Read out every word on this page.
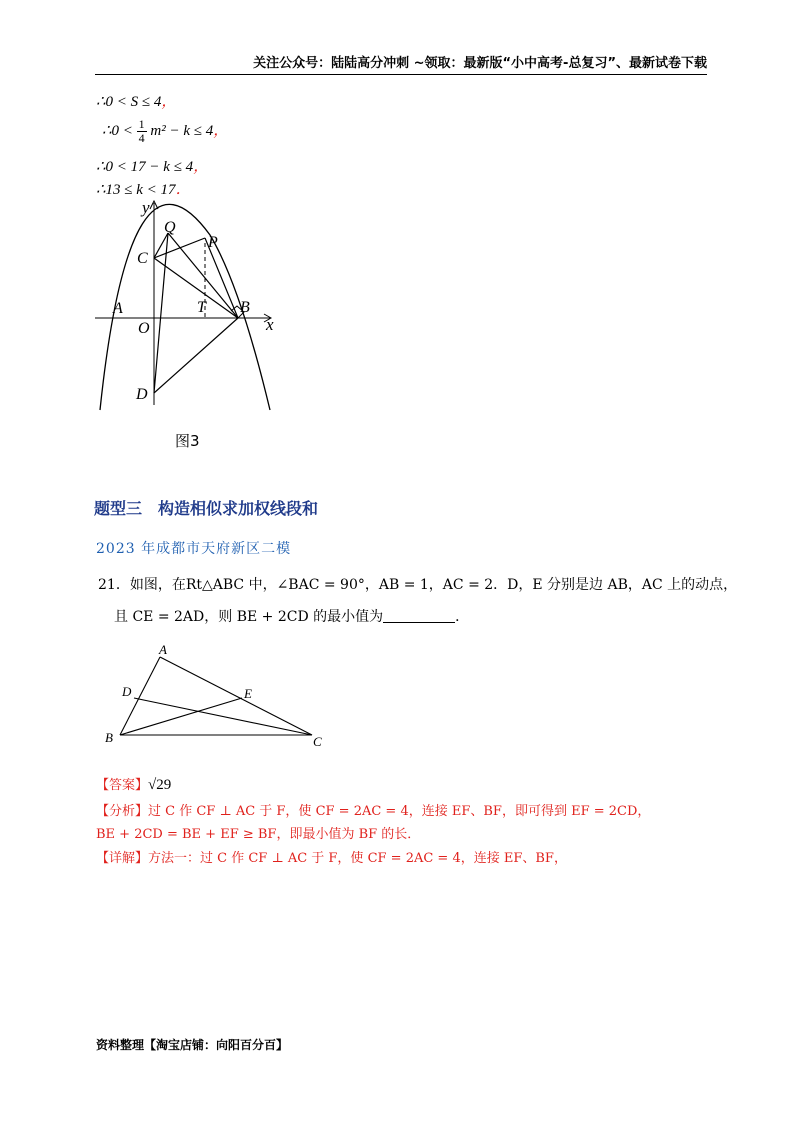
关注公众号：陆陆高分冲刺 ~领取：最新版“小中高考-总复习”、最新试卷下载
∴0 < S ≤ 4，
∴0 < $\frac{1}{4} m^2 - k \le 4$，
∴0 < 17 − k ≤ 4，
∴13 ≤ k < 17．
y
x
Q
P
C
A
O
T B
D
图3
题型三　构造相似求加权线段和
2023 年成都市天府新区二模
21．如图，在Rt△ABC 中，∠BAC = 90°，AB = 1，AC = 2．D，E 分别是边 AB，AC 上的动点，
且 CE = 2AD，则 BE + 2CD 的最小值为	．
A
D	E
B	C
【答案】√29
【分析】过 C 作 CF ⊥ AC 于 F，使 CF = 2AC = 4，连接 EF、BF，即可得到 EF = 2CD，
BE + 2CD = BE + EF ≥ BF，即最小值为 BF 的长．
【详解】方法一：过 C 作 CF ⊥ AC 于 F，使 CF = 2AC = 4，连接 EF、BF，
资料整理【淘宝店铺：向阳百分百】
